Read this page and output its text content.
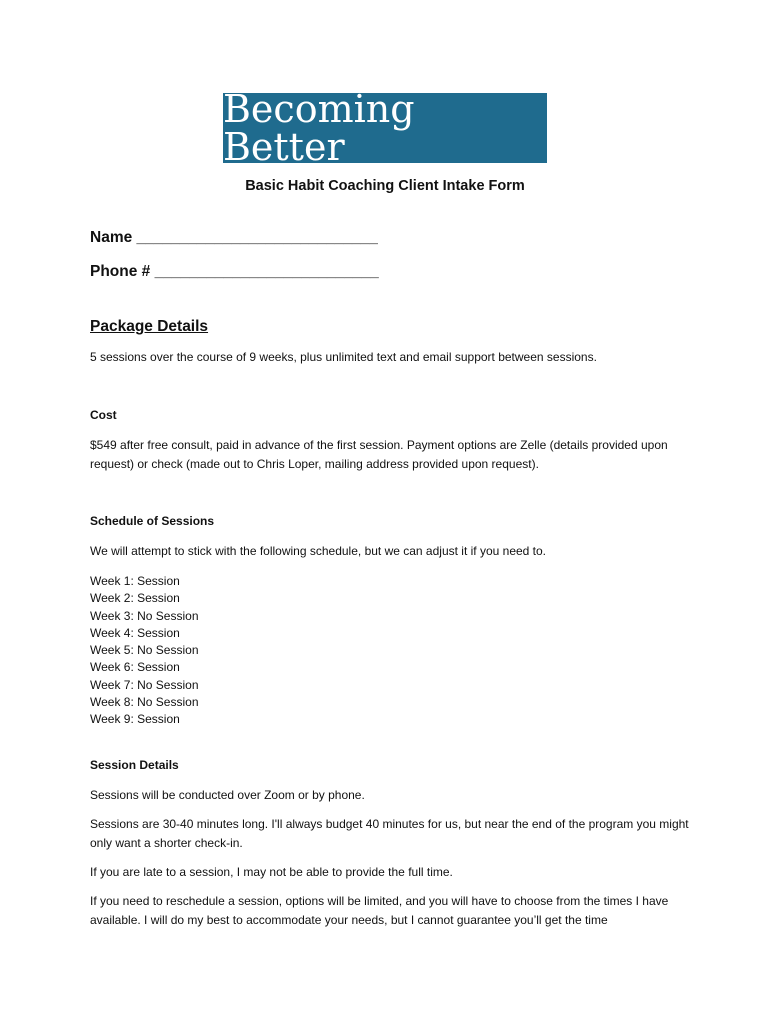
Becoming Better
Basic Habit Coaching Client Intake Form
Name ____________________________
Phone # __________________________
Package Details
5 sessions over the course of 9 weeks, plus unlimited text and email support between sessions.
Cost
$549 after free consult, paid in advance of the first session. Payment options are Zelle (details provided upon request) or check (made out to Chris Loper, mailing address provided upon request).
Schedule of Sessions
We will attempt to stick with the following schedule, but we can adjust it if you need to.
Week 1: Session
Week 2: Session
Week 3: No Session
Week 4: Session
Week 5: No Session
Week 6: Session
Week 7: No Session
Week 8: No Session
Week 9: Session
Session Details
Sessions will be conducted over Zoom or by phone.
Sessions are 30-40 minutes long. I'll always budget 40 minutes for us, but near the end of the program you might only want a shorter check-in.
If you are late to a session, I may not be able to provide the full time.
If you need to reschedule a session, options will be limited, and you will have to choose from the times I have available. I will do my best to accommodate your needs, but I cannot guarantee you’ll get the time
